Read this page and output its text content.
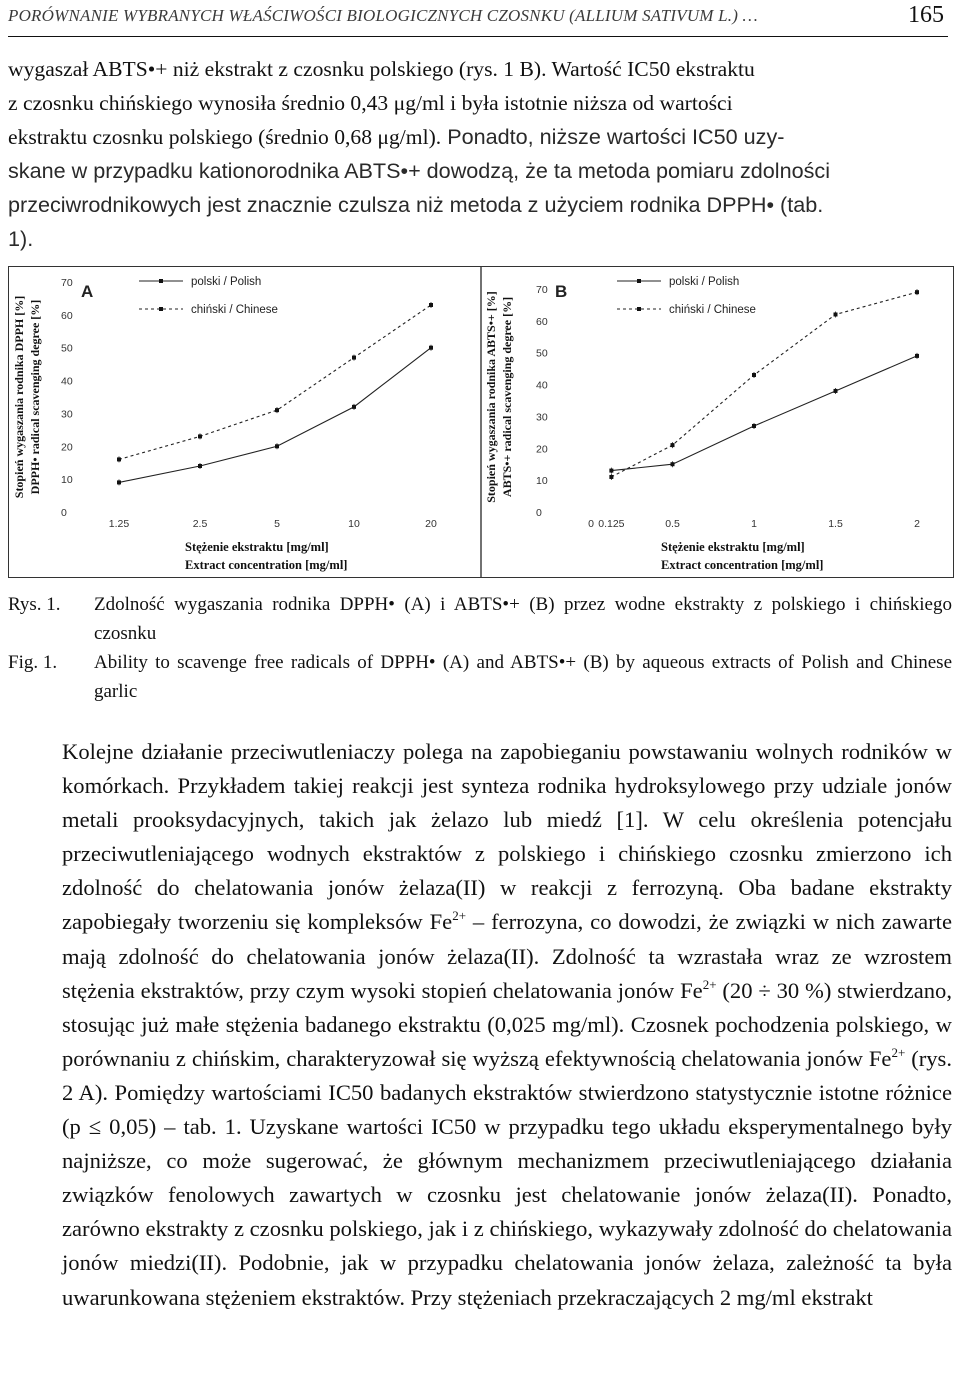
PORÓWNANIE WYBRANYCH WŁAŚCIWOŚCI BIOLOGICZNYCH CZOSNKU (ALLIUM SATIVUM L.) …	165
wygaszał ABTS•+ niż ekstrakt z czosnku polskiego (rys. 1 B). Wartość IC50 ekstraktu
z czosnku chińskiego wynosiła średnio 0,43 μg/ml i była istotnie niższa od wartości
ekstraktu czosnku polskiego (średnio 0,68 μg/ml). Ponadto, niższe wartości IC50 uzy-
skane w przypadku kationorodnika ABTS•+ dowodzą, że ta metoda pomiaru zdolności
przeciwrodnikowych jest znacznie czulsza niż metoda z użyciem rodnika DPPH• (tab.
1).
A
0
10
20
30
40
50
60
70
1.25	2.5	5	10	20
polski / Polish
chiński / Chinese
Stężenie ekstraktu [mg/ml]
Extract concentration [mg/ml]
Stopień wygaszania rodnika DPPH [%] DPPH• radical scavenging degree [%]
B
0
10
20
30
40
50
60
70
0 0.125	0.5	1	1.5	2
polski / Polish
chiński / Chinese
Stężenie ekstraktu [mg/ml]
Extract concentration [mg/ml]
Stopień wygaszania rodnika ABTS•+ [%] ABTS•+ radical scavenging degree [%]
Rys. 1. Zdolność wygaszania rodnika DPPH• (A) i ABTS•+ (B) przez wodne ekstrakty z polskiego i chińskiego czosnku
Fig. 1. Ability to scavenge free radicals of DPPH• (A) and ABTS•+ (B) by aqueous extracts of Polish and Chinese garlic
Kolejne działanie przeciwutleniaczy polega na zapobieganiu powstawaniu wolnych rodników w komórkach. Przykładem takiej reakcji jest synteza rodnika hydroksylowego przy udziale jonów metali prooksydacyjnych, takich jak żelazo lub miedź [1]. W celu określenia potencjału przeciwutleniającego wodnych ekstraktów z polskiego i chińskiego czosnku zmierzono ich zdolność do chelatowania jonów żelaza(II) w reakcji z ferrozyną. Oba badane ekstrakty zapobiegały tworzeniu się kompleksów $Fe^{2+}$ – ferrozyna, co dowodzi, że związki w nich zawarte mają zdolność do chelatowania jonów żelaza(II). Zdolność ta wzrastała wraz ze wzrostem stężenia ekstraktów, przy czym wysoki stopień chelatowania jonów $Fe^{2+}$ (20 ÷ 30 %) stwierdzano, stosując już małe stężenia badanego ekstraktu (0,025 mg/ml). Czosnek pochodzenia polskiego, w porównaniu z chińskim, charakteryzował się wyższą efektywnością chelatowania jonów $Fe^{2+}$ (rys. 2 A). Pomiędzy wartościami IC50 badanych ekstraktów stwierdzono statystycznie istotne różnice (p ≤ 0,05) – tab. 1. Uzyskane wartości IC50 w przypadku tego układu eksperymentalnego były najniższe, co może sugerować, że głównym mechanizmem przeciwutleniającego działania związków fenolowych zawartych w czosnku jest chelatowanie jonów żelaza(II). Ponadto, zarówno ekstrakty z czosnku polskiego, jak i z chińskiego, wykazywały zdolność do chelatowania jonów miedzi(II). Podobnie, jak w przypadku chelatowania jonów żelaza, zależność ta była uwarunkowana stężeniem ekstraktów. Przy stężeniach przekraczających 2 mg/ml ekstrakt
